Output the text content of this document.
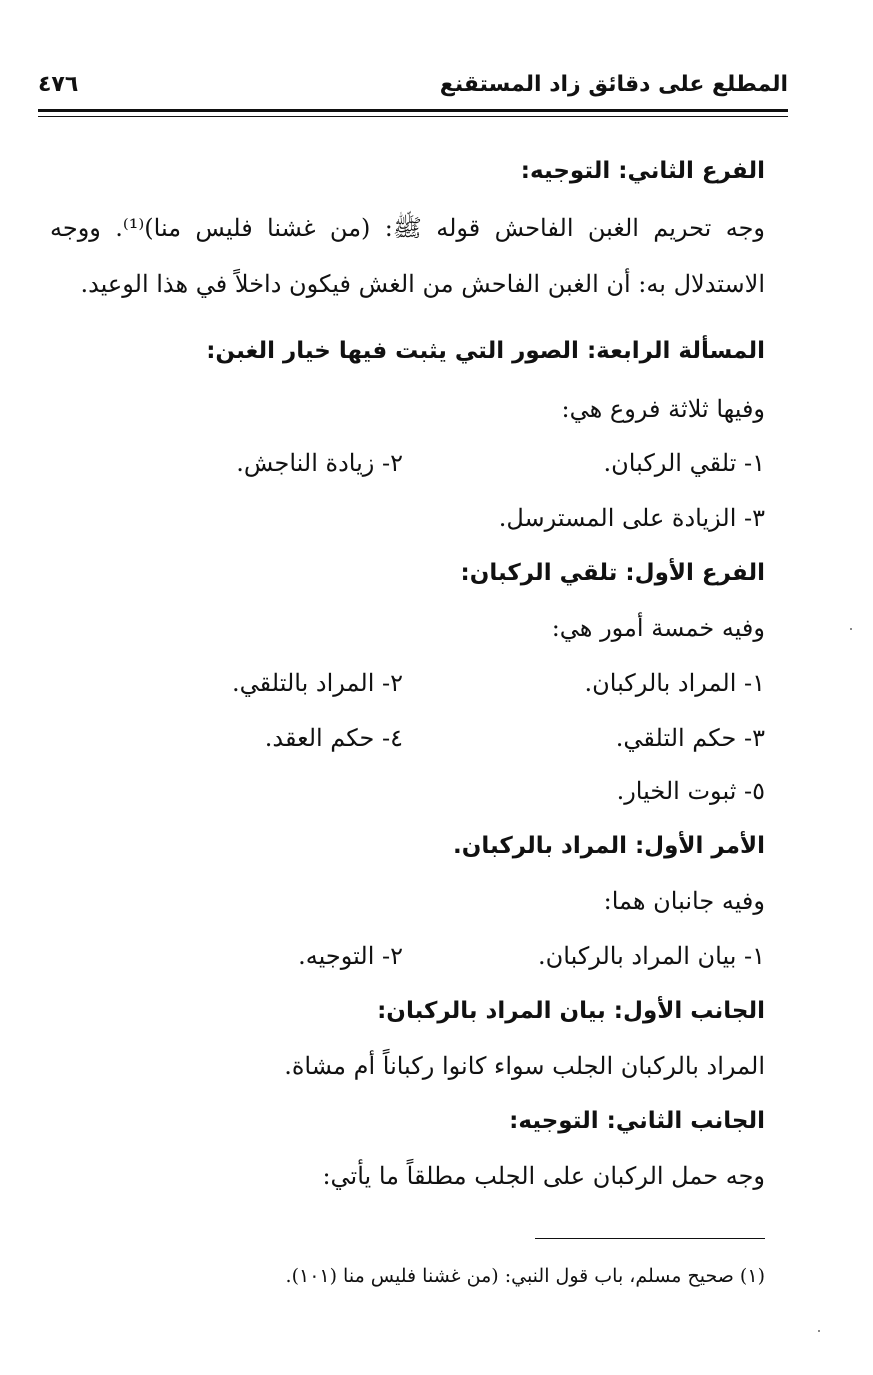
المطلع على دقائق زاد المستقنع
٤٧٦
الفرع الثاني: التوجيه:
وجه تحريم الغبن الفاحش قوله ﷺ: (من غشنا فليس منا)⁽¹⁾. ووجه
الاستدلال به: أن الغبن الفاحش من الغش فيكون داخلاً في هذا الوعيد.
المسألة الرابعة: الصور التي يثبت فيها خيار الغبن:
وفيها ثلاثة فروع هي:
١- تلقي الركبان.
٢- زيادة الناجش.
٣- الزيادة على المسترسل.
الفرع الأول: تلقي الركبان:
وفيه خمسة أمور هي:
١- المراد بالركبان.
٢- المراد بالتلقي.
٣- حكم التلقي.
٤- حكم العقد.
٥- ثبوت الخيار.
الأمر الأول: المراد بالركبان.
وفيه جانبان هما:
١- بيان المراد بالركبان.
٢- التوجيه.
الجانب الأول: بيان المراد بالركبان:
المراد بالركبان الجلب سواء كانوا ركباناً أم مشاة.
الجانب الثاني: التوجيه:
وجه حمل الركبان على الجلب مطلقاً ما يأتي:
(١) صحيح مسلم، باب قول النبي: (من غشنا فليس منا (١٠١).
